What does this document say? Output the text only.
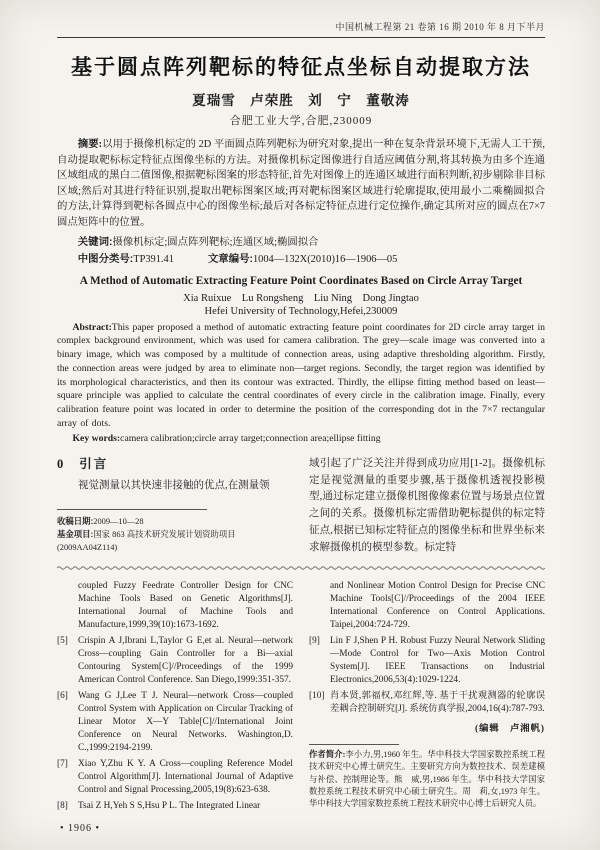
中国机械工程第 21 卷第 16 期 2010 年 8 月下半月
基于圆点阵列靶标的特征点坐标自动提取方法
夏瑞雪　卢荣胜　刘　宁　董敬涛
合肥工业大学,合肥,230009
摘要:以用于摄像机标定的 2D 平面圆点阵列靶标为研究对象,提出一种在复杂背景环境下,无需人工干预,自动提取靶标标定特征点图像坐标的方法。对摄像机标定图像进行自适应阈值分割,将其转换为由多个连通区域组成的黑白二值图像,根据靶标图案的形态特征,首先对图像上的连通区域进行面积判断,初步剔除非目标区域;然后对其进行特征识别,提取出靶标图案区域;再对靶标图案区域进行轮廓提取,使用最小二乘椭圆拟合的方法,计算得到靶标各圆点中心的图像坐标;最后对各标定特征点进行定位操作,确定其所对应的圆点在7×7圆点矩阵中的位置。
关键词:摄像机标定;圆点阵列靶标;连通区域;椭圆拟合
中图分类号:TP391.41	文章编号:1004—132X(2010)16—1906—05
A Method of Automatic Extracting Feature Point Coordinates Based on Circle Array Target
Xia Ruixue　Lu Rongsheng　Liu Ning　Dong Jingtao
Hefei University of Technology,Hefei,230009
Abstract:This paper proposed a method of automatic extracting feature point coordinates for 2D circle array target in complex background environment, which was used for camera calibration. The grey—scale image was converted into a binary image, which was composed by a multitude of connection areas, using adaptive thresholding algorithm. Firstly, the connection areas were judged by area to eliminate non—target regions. Secondly, the target region was identified by its morphological characteristics, and then its contour was extracted. Thirdly, the ellipse fitting method based on least—square principle was applied to calculate the central coordinates of every circle in the calibration image. Finally, every calibration feature point was located in order to determine the position of the corresponding dot in the 7×7 rectangular array of dots.
Key words:camera calibration;circle array target;connection area;ellipse fitting
0 引言
视觉测量以其快速非接触的优点,在测量领
收稿日期:2009—10—28
基金项目:国家 863 高技术研究发展计划资助项目(2009AA04Z114)
域引起了广泛关注并得到成功应用[1-2]。摄像机标定是视觉测量的重要步骤,基于摄像机透视投影模型,通过标定建立摄像机图像像素位置与场景点位置之间的关系。摄像机标定需借助靶标提供的标定特征点,根据已知标定特征点的图像坐标和世界坐标来求解摄像机的模型参数。标定特
coupled Fuzzy Feedrate Controller Design for CNC Machine Tools Based on Genetic Algorithms[J]. International Journal of Machine Tools and Manufacture,1999,39(10):1673-1692.
[5]	Crispin A J,Ibrani L,Taylor G E,et al. Neural—network Cross—coupling Gain Controller for a Bi—axial Contouring System[C]//Proceedings of the 1999 American Control Conference. San Diego,1999:351-357.
[6]	Wang G J,Lee T J. Neural—network Cross—coupled Control System with Application on Circular Tracking of Linear Motor X—Y Table[C]//International Joint Conference on Neural Networks. Washington,D. C.,1999:2194-2199.
[7]	Xiao Y,Zhu K Y. A Cross—coupling Reference Model Control Algorithm[J]. International Journal of Adaptive Control and Signal Processing,2005,19(8):623-638.
[8]	Tsai Z H,Yeh S S,Hsu P L. The Integrated Linear
and Nonlinear Motion Control Design for Precise CNC Machine Tools[C]//Proceedings of the 2004 IEEE International Conference on Control Applications. Taipei,2004:724-729.
[9]	Lin F J,Shen P H. Robust Fuzzy Neural Network Sliding—Mode Control for Two—Axis Motion Control System[J]. IEEE Transactions on Industrial Electronics,2006,53(4):1029-1224.
[10] 肖本贤,郭福权,邓红辉,等. 基于干扰观测器的轮廓误差耦合控制研究[J]. 系统仿真学报,2004,16(4):787-793.
(编辑　卢湘帆)
作者简介:李小力,男,1960 年生。华中科技大学国家数控系统工程技术研究中心博士研究生。主要研究方向为数控技术、误差建模与补偿、控制理论等。熊　威,男,1986 年生。华中科技大学国家数控系统工程技术研究中心硕士研究生。周　莉,女,1973 年生。华中科技大学国家数控系统工程技术研究中心博士后研究人员。
• 1906 •
